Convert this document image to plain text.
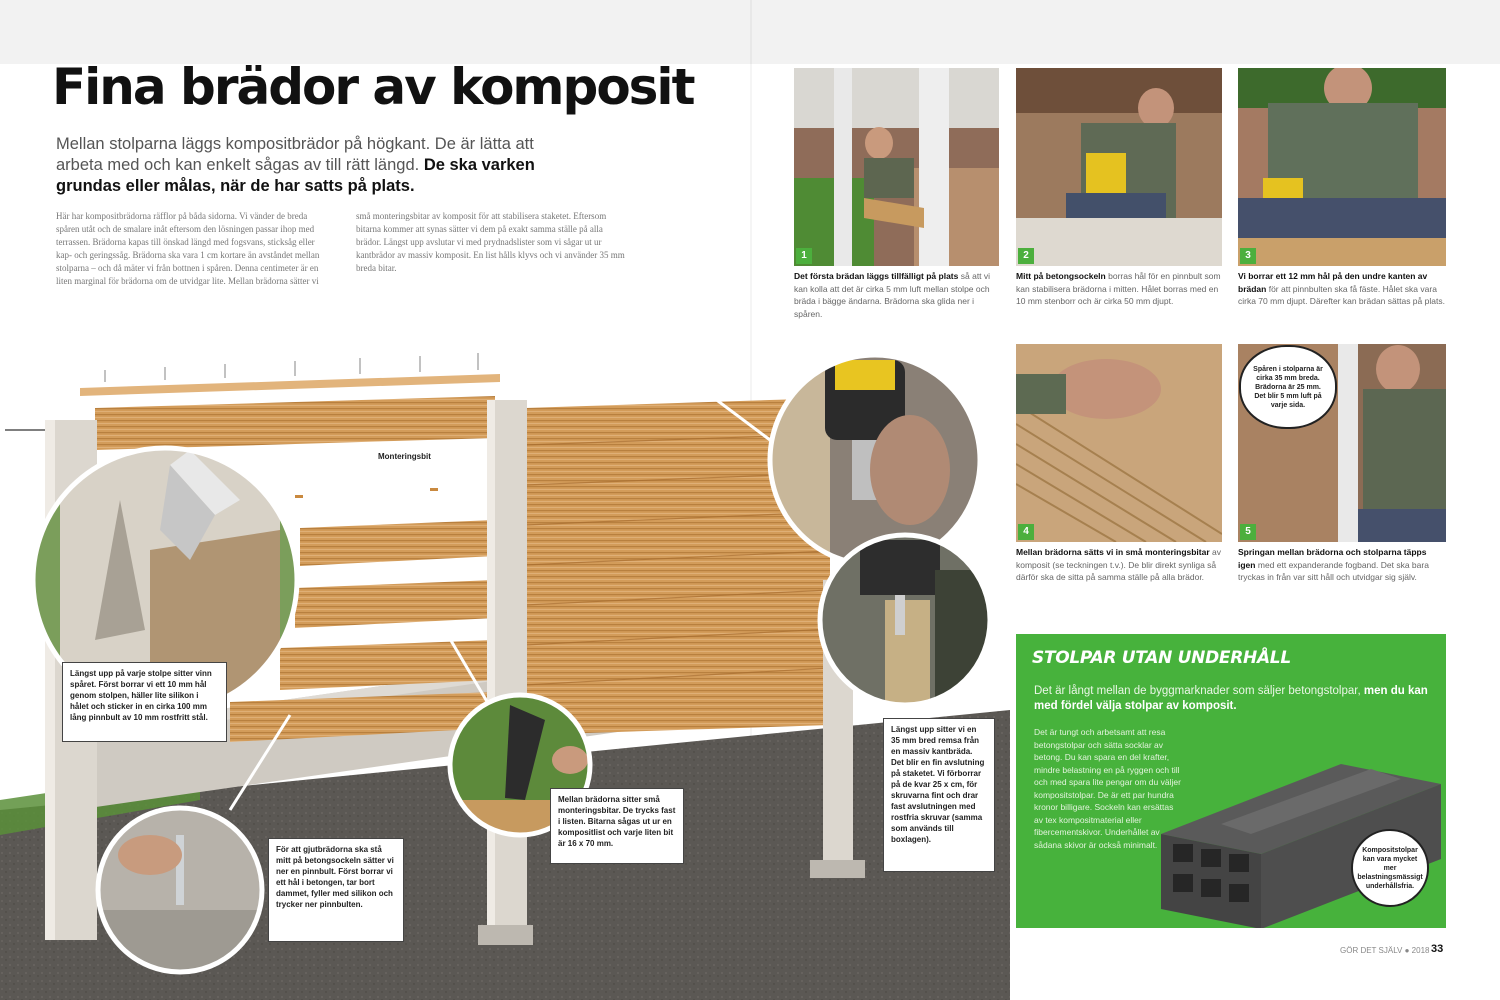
Fina brädor av komposit

Mellan stolparna läggs kompositbrädor på högkant. De är lätta att arbeta med och kan enkelt sågas av till rätt längd. De ska varken grundas eller målas, när de har satts på plats.

Här har kompositbrädorna räfflor på båda sidorna. Vi vänder de breda spåren utåt och de smalare inåt eftersom den lösningen passar ihop med terrassen. Brädorna kapas till önskad längd med fogsvans, sticksåg eller kap- och geringssåg. Brädorna ska vara 1 cm kortare än avståndet mellan stolparna – och då mäter vi från bottnen i spåren. Denna centimeter är en liten marginal för brädorna om de utvidgar lite. Mellan brädorna sätter vi små monteringsbitar av komposit för att stabilisera staketet. Eftersom bitarna kommer att synas sätter vi dem på exakt samma ställe på alla brädor. Längst upp avslutar vi med prydnadslister som vi sågar ut ur kantbrädor av massiv komposit. En list hålls klyvs och vi använder 35 mm breda bitar.

Monteringsbit
Längst upp på varje stolpe sitter vinn spåret. Först borrar vi ett 10 mm hål genom stolpen, häller lite silikon i hålet och sticker in en cirka 100 mm lång pinnbult av 10 mm rostfritt stål.
För att gjutbrädorna ska stå mitt på betongsockeln sätter vi ner en pinnbult. Först borrar vi ett hål i betongen, tar bort dammet, fyller med silikon och trycker ner pinnbulten.
Mellan brädorna sitter små monteringsbitar. De trycks fast i listen. Bitarna sågas ut ur en kompositlist och varje liten bit är 16 x 70 mm.
Längst upp sitter vi en 35 mm bred remsa från en massiv kantbräda. Det blir en fin avslutning på staketet. Vi förborrar på de kvar 25 x cm, för skruvarna fint och drar fast avslutningen med rostfria skruvar (samma som används till boxlagen).
1	2	3

Det första brädan läggs tillfälligt på plats så att vi kan kolla att det är cirka 5 mm luft mellan stolpe och bräda i bägge ändarna. Brädorna ska glida ner i spåren.

Mitt på betongsockeln borras hål för en pinnbult som kan stabilisera brädorna i mitten. Hålet borras med en 10 mm stenborr och är cirka 50 mm djupt.

Vi borrar ett 12 mm hål på den undre kanten av brädan för att pinnbulten ska få fäste. Hålet ska vara cirka 70 mm djupt. Därefter kan brädan sättas på plats.

4
Spåren i stolparna är cirka 35 mm breda. Brädorna är 25 mm. Det blir 5 mm luft på varje sida.
5

Mellan brädorna sätts vi in små monteringsbitar av komposit (se teckningen t.v.). De blir direkt synliga så därför ska de sitta på samma ställe på alla brädor.

Springan mellan brädorna och stolparna täpps igen med ett expanderande fogband. Det ska bara tryckas in från var sitt håll och utvidgar sig själv.

STOLPAR UTAN UNDERHÅLL

Det är långt mellan de byggmarknader som säljer betongstolpar, men du kan med fördel välja stolpar av komposit.

Det är tungt och arbetsamt att resa betongstolpar och sätta socklar av betong. Du kan spara en del krafter, mindre belastning en på ryggen och till och med spara lite pengar om du väljer kompositstolpar. De är ett par hundra kronor billigare. Sockeln kan ersättas av tex kompositmaterial eller fibercementskivor. Underhållet av sådana skivor är också minimalt.

Kompositstolpar kan vara mycket mer belastningsmässigt underhållsfria.
GÖR DET SJÄLV ● 2018 33
